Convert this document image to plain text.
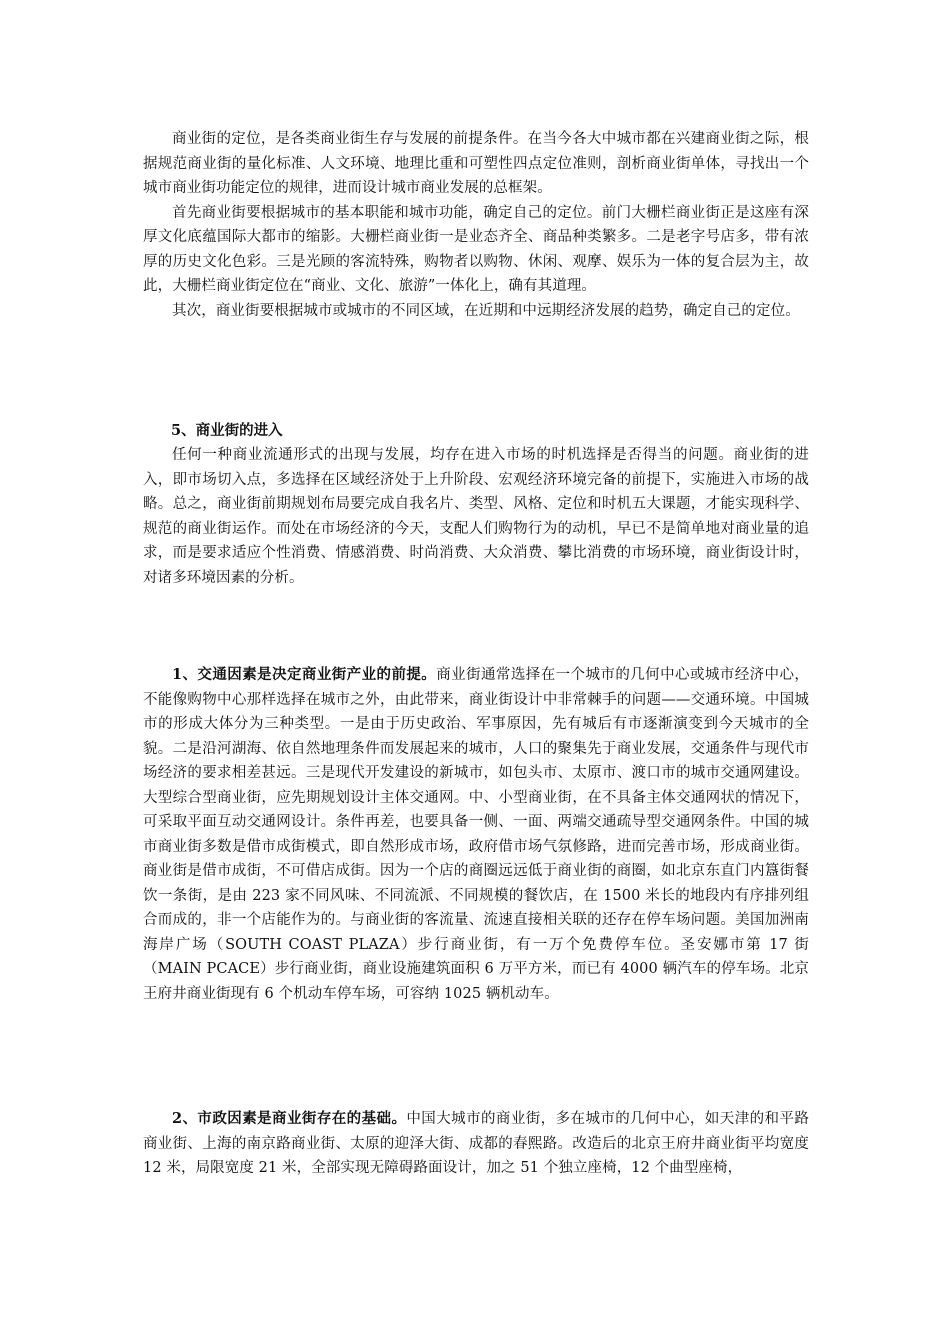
商业街的定位，是各类商业街生存与发展的前提条件。在当今各大中城市都在兴建商业街之际，根据规范商业街的量化标准、人文环境、地理比重和可塑性四点定位准则，剖析商业街单体，寻找出一个城市商业街功能定位的规律，进而设计城市商业发展的总框架。

首先商业街要根据城市的基本职能和城市功能，确定自己的定位。前门大栅栏商业街正是这座有深厚文化底蕴国际大都市的缩影。大栅栏商业街一是业态齐全、商品种类繁多。二是老字号店多，带有浓厚的历史文化色彩。三是光顾的客流特殊，购物者以购物、休闲、观摩、娱乐为一体的复合层为主，故此，大栅栏商业街定位在“商业、文化、旅游”一体化上，确有其道理。

其次，商业街要根据城市或城市的不同区域，在近期和中远期经济发展的趋势，确定自己的定位。

5、商业街的进入

任何一种商业流通形式的出现与发展，均存在进入市场的时机选择是否得当的问题。商业街的进入，即市场切入点，多选择在区域经济处于上升阶段、宏观经济环境完备的前提下，实施进入市场的战略。总之，商业街前期规划布局要完成自我名片、类型、风格、定位和时机五大课题，才能实现科学、规范的商业街运作。而处在市场经济的今天，支配人们购物行为的动机，早已不是简单地对商业量的追求，而是要求适应个性消费、情感消费、时尚消费、大众消费、攀比消费的市场环境，商业街设计时，对诸多环境因素的分析。

1、交通因素是决定商业街产业的前提。商业街通常选择在一个城市的几何中心或城市经济中心，不能像购物中心那样选择在城市之外，由此带来，商业街设计中非常棘手的问题——交通环境。中国城市的形成大体分为三种类型。一是由于历史政治、军事原因，先有城后有市逐渐演变到今天城市的全貌。二是沿河湖海、依自然地理条件而发展起来的城市，人口的聚集先于商业发展，交通条件与现代市场经济的要求相差甚远。三是现代开发建设的新城市，如包头市、太原市、渡口市的城市交通网建设。大型综合型商业街，应先期规划设计主体交通网。中、小型商业街，在不具备主体交通网状的情况下，可采取平面互动交通网设计。条件再差，也要具备一侧、一面、两端交通疏导型交通网条件。中国的城市商业街多数是借市成街模式，即自然形成市场，政府借市场气氛修路，进而完善市场，形成商业街。商业街是借市成街，不可借店成街。因为一个店的商圈远远低于商业街的商圈，如北京东直门内簋街餐饮一条街，是由 223 家不同风味、不同流派、不同规模的餐饮店，在 1500 米长的地段内有序排列组合而成的，非一个店能作为的。与商业街的客流量、流速直接相关联的还存在停车场问题。美国加洲南海岸广场（SOUTH COAST PLAZA）步行商业街，有一万个免费停车位。圣安娜市第 17 街（MAIN PCACE）步行商业街，商业设施建筑面积 6 万平方米，而已有 4000 辆汽车的停车场。北京王府井商业街现有 6 个机动车停车场，可容纳 1025 辆机动车。

2、市政因素是商业街存在的基础。中国大城市的商业街，多在城市的几何中心，如天津的和平路商业街、上海的南京路商业街、太原的迎泽大街、成都的春熙路。改造后的北京王府井商业街平均宽度 12 米，局限宽度 21 米，全部实现无障碍路面设计，加之 51 个独立座椅，12 个曲型座椅，
